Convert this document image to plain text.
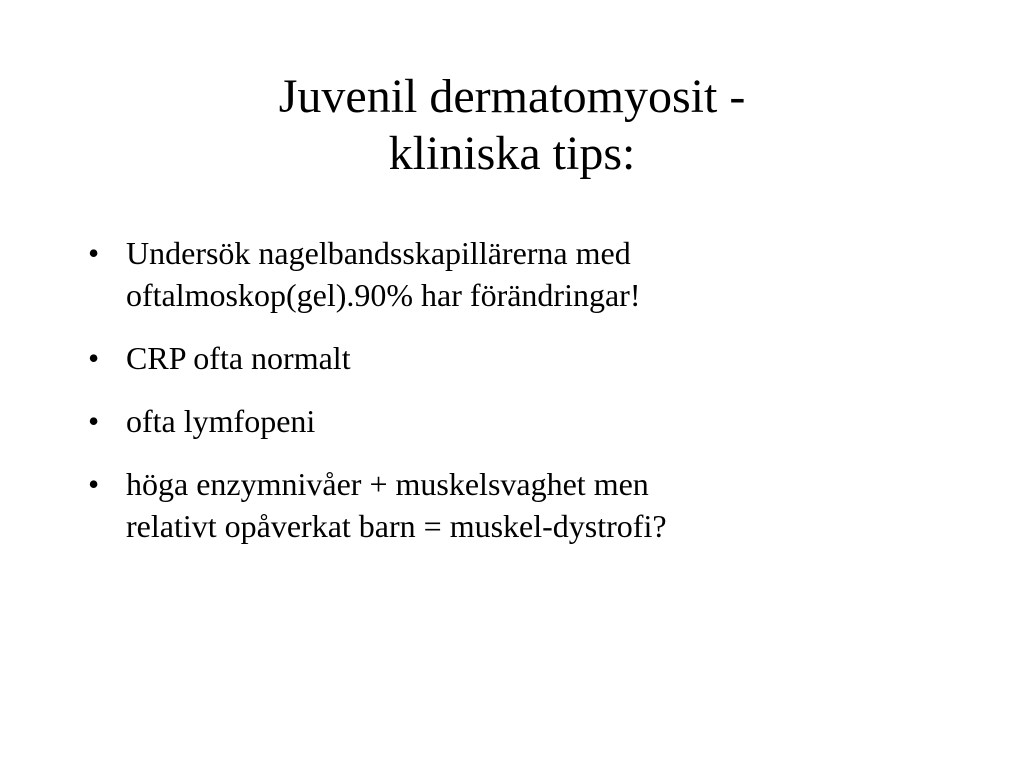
Juvenil dermatomyosit -
kliniska tips:
• Undersök nagelbandsskapillärerna med
oftalmoskop(gel).90% har förändringar!
• CRP ofta normalt
• ofta lymfopeni
• höga enzymnivåer + muskelsvaghet men
relativt opåverkat barn = muskel-dystrofi?
